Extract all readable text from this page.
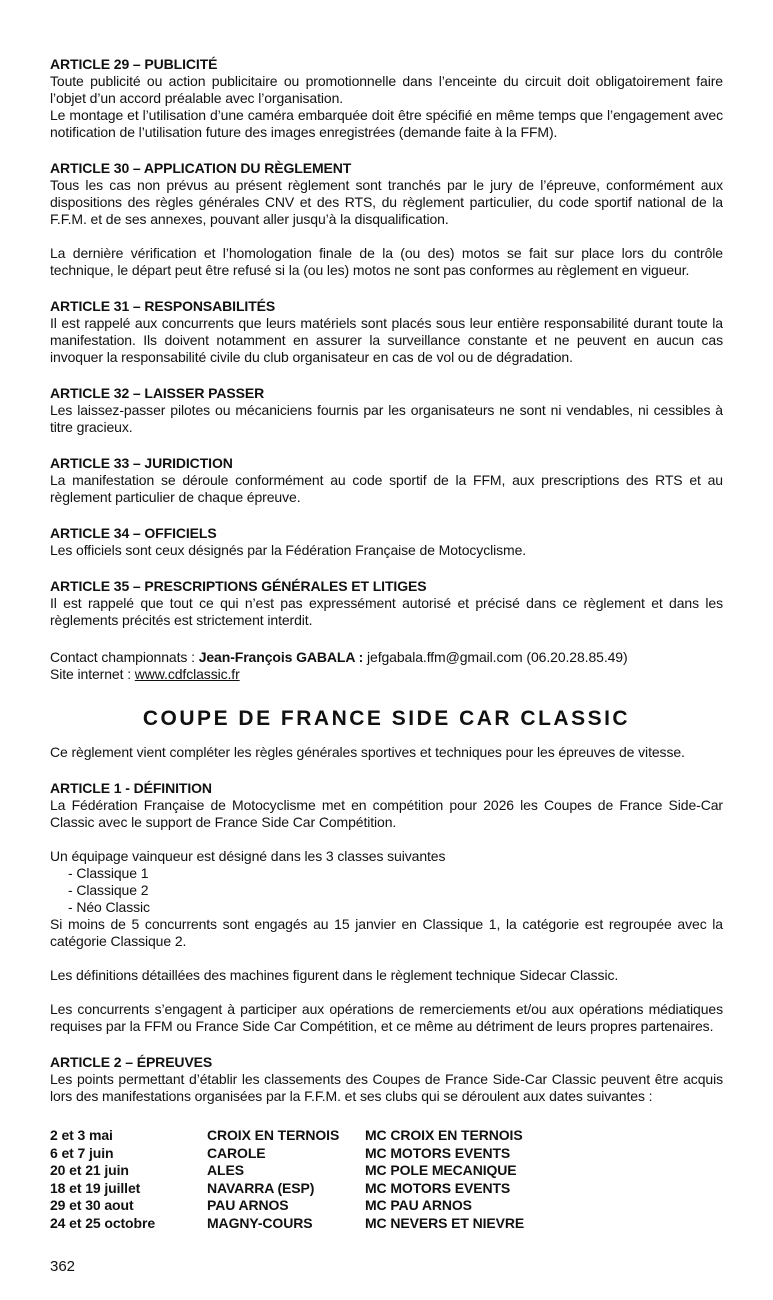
ARTICLE 29 – PUBLICITÉ

Toute publicité ou action publicitaire ou promotionnelle dans l’enceinte du circuit doit obligatoirement faire l’objet d’un accord préalable avec l’organisation.

Le montage et l’utilisation d’une caméra embarquée doit être spécifié en même temps que l’engagement avec notification de l’utilisation future des images enregistrées (demande faite à la FFM).

ARTICLE 30 – APPLICATION DU RÈGLEMENT

Tous les cas non prévus au présent règlement sont tranchés par le jury de l’épreuve, conformément aux dispositions des règles générales CNV et des RTS, du règlement particulier, du code sportif national de la F.F.M. et de ses annexes, pouvant aller jusqu’à la disqualification.

La dernière vérification et l’homologation finale de la (ou des) motos se fait sur place lors du contrôle technique, le départ peut être refusé si la (ou les) motos ne sont pas conformes au règlement en vigueur.

ARTICLE 31 – RESPONSABILITÉS

Il est rappelé aux concurrents que leurs matériels sont placés sous leur entière responsabilité durant toute la manifestation. Ils doivent notamment en assurer la surveillance constante et ne peuvent en aucun cas invoquer la responsabilité civile du club organisateur en cas de vol ou de dégradation.

ARTICLE 32 – LAISSER PASSER

Les laissez-passer pilotes ou mécaniciens fournis par les organisateurs ne sont ni vendables, ni cessibles à titre gracieux.

ARTICLE 33 – JURIDICTION

La manifestation se déroule conformément au code sportif de la FFM, aux prescriptions des RTS et au règlement particulier de chaque épreuve.

ARTICLE 34 – OFFICIELS

Les officiels sont ceux désignés par la Fédération Française de Motocyclisme.

ARTICLE 35 – PRESCRIPTIONS GÉNÉRALES ET LITIGES

Il est rappelé que tout ce qui n’est pas expressément autorisé et précisé dans ce règlement et dans les règlements précités est strictement interdit.

Contact championnats : Jean-François GABALA : jefgabala.ffm@gmail.com (06.20.28.85.49)

Site internet : www.cdfclassic.fr

COUPE DE FRANCE SIDE CAR CLASSIC

Ce règlement vient compléter les règles générales sportives et techniques pour les épreuves de vitesse.

ARTICLE 1 - DÉFINITION

La Fédération Française de Motocyclisme met en compétition pour 2026 les Coupes de France Side-Car Classic avec le support de France Side Car Compétition.

Un équipage vainqueur est désigné dans les 3 classes suivantes

- Classique 1
- Classique 2
- Néo Classic

Si moins de 5 concurrents sont engagés au 15 janvier en Classique 1, la catégorie est regroupée avec la catégorie Classique 2.

Les définitions détaillées des machines figurent dans le règlement technique Sidecar Classic.

Les concurrents s’engagent à participer aux opérations de remerciements et/ou aux opérations médiatiques requises par la FFM ou France Side Car Compétition, et ce même au détriment de leurs propres partenaires.

ARTICLE 2 – ÉPREUVES

Les points permettant d’établir les classements des Coupes de France Side-Car Classic peuvent être acquis lors des manifestations organisées par la F.F.M. et ses clubs qui se déroulent aux dates suivantes :

2 et 3 mai	CROIX EN TERNOIS	MC CROIX EN TERNOIS
6 et 7 juin	CAROLE	MC MOTORS EVENTS
20 et 21 juin	ALES	MC POLE MECANIQUE
18 et 19 juillet	NAVARRA (ESP)	MC MOTORS EVENTS
29 et 30 aout	PAU ARNOS	MC PAU ARNOS
24 et 25 octobre	MAGNY-COURS	MC NEVERS ET NIEVRE
362
